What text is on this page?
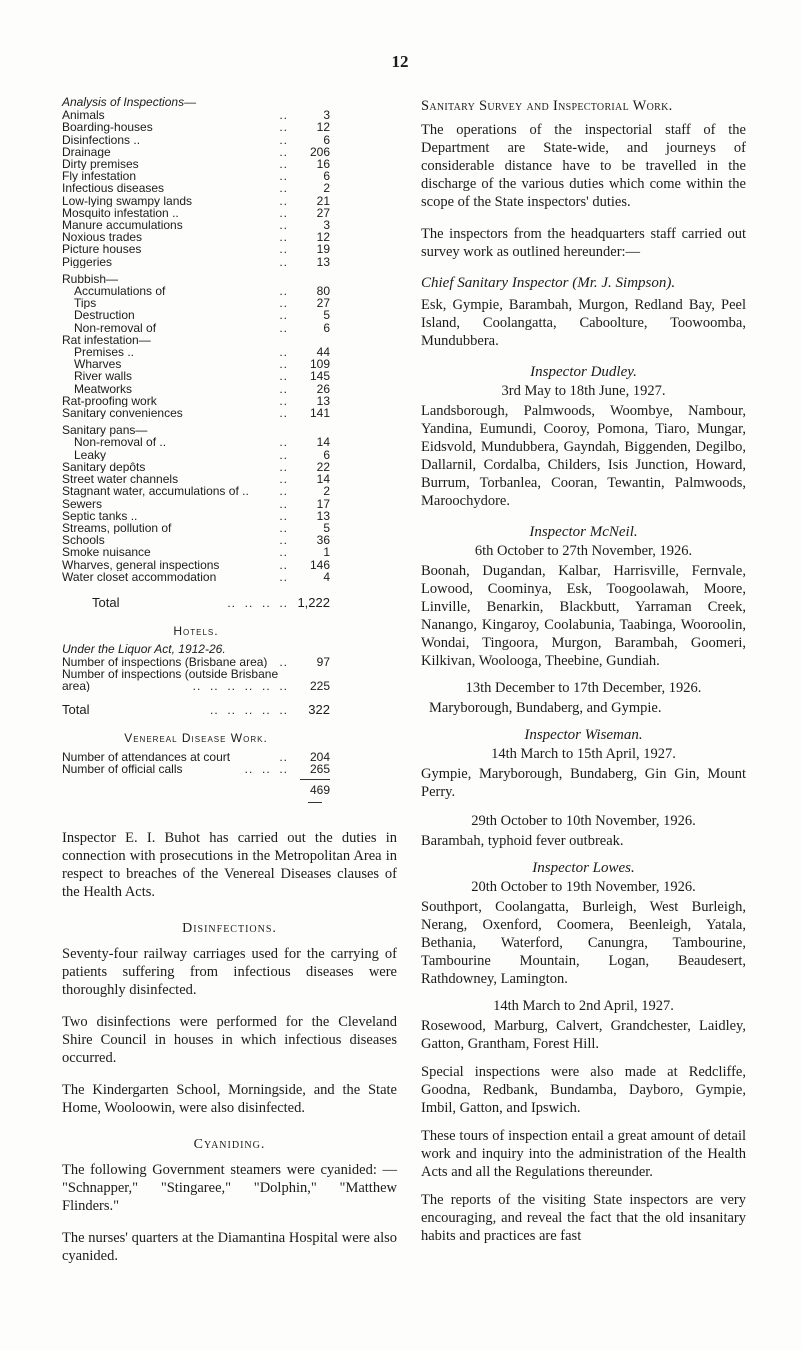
12
Analysis of Inspections—
Animals	..	3
Boarding-houses	..	12
Disinfections ..	..	6
Drainage	..	206
Dirty premises	..	16
Fly infestation	..	6
Infectious diseases	..	2
Low-lying swampy lands	..	21
Mosquito infestation ..	..	27
Manure accumulations	..	3
Noxious trades	..	12
Picture houses	..	19
Piggeries	..	13
Rubbish—
Accumulations of	..	80
Tips	..	27
Destruction	..	5
Non-removal of	..	6
Rat infestation—
Premises ..	..	44
Wharves	..	109
River walls	..	145
Meatworks	..	26
Rat-proofing work	..	13
Sanitary conveniences	..	141
Sanitary pans—
Non-removal of ..	..	14
Leaky	..	6
Sanitary depôts	..	22
Street water channels	..	14
Stagnant water, accumulations of ..	..	2
Sewers	..	17
Septic tanks ..	..	13
Streams, pollution of	..	5
Schools	..	36
Smoke nuisance	..	1
Wharves, general inspections	..	146
Water closet accommodation	..	4
Total	..  ..  ..  .. 1,222
Hotels.
Under the Liquor Act, 1912-26.
Number of inspections (Brisbane area) ..	97
Number of inspections (outside Brisbane
area)	..  ..  ..  ..  ..  ..	225
Total	..  ..  ..  ..  ..	322
Venereal Disease Work.
Number of attendances at court	..	204
Number of official calls	..  ..  ..	265
469

Inspector E. I. Buhot has carried out the duties in connection with prosecutions in the Metropolitan Area in respect to breaches of the Venereal Diseases clauses of the Health Acts.

Disinfections.

Seventy-four railway carriages used for the carrying of patients suffering from infectious diseases were thoroughly disinfected.

Two disinfections were performed for the Cleveland Shire Council in houses in which infectious diseases occurred.

The Kindergarten School, Morningside, and the State Home, Wooloowin, were also disinfected.

Cyaniding.

The following Government steamers were cyanided: — "Schnapper," "Stingaree," "Dolphin," "Matthew Flinders."

The nurses' quarters at the Diamantina Hospital were also cyanided.

Sanitary Survey and Inspectorial Work.

The operations of the inspectorial staff of the Department are State-wide, and journeys of considerable distance have to be travelled in the discharge of the various duties which come within the scope of the State inspectors' duties.

The inspectors from the headquarters staff carried out survey work as outlined hereunder:—

Chief Sanitary Inspector (Mr. J. Simpson).

Esk, Gympie, Barambah, Murgon, Redland Bay, Peel Island, Coolangatta, Caboolture, Toowoomba, Mundubbera.

Inspector Dudley.
3rd May to 18th June, 1927.

Landsborough, Palmwoods, Woombye, Nambour, Yandina, Eumundi, Cooroy, Pomona, Tiaro, Mungar, Eidsvold, Mundubbera, Gayndah, Biggenden, Degilbo, Dallarnil, Cordalba, Childers, Isis Junction, Howard, Burrum, Torbanlea, Cooran, Tewantin, Palmwoods, Maroochydore.

Inspector McNeil.
6th October to 27th November, 1926.

Boonah, Dugandan, Kalbar, Harrisville, Fernvale, Lowood, Coominya, Esk, Toogoolawah, Moore, Linville, Benarkin, Blackbutt, Yarraman Creek, Nanango, Kingaroy, Coolabunia, Taabinga, Wooroolin, Wondai, Tingoora, Murgon, Barambah, Goomeri, Kilkivan, Woolooga, Theebine, Gundiah.

13th December to 17th December, 1926.

Maryborough, Bundaberg, and Gympie.

Inspector Wiseman.
14th March to 15th April, 1927.

Gympie, Maryborough, Bundaberg, Gin Gin, Mount Perry.

29th October to 10th November, 1926.

Barambah, typhoid fever outbreak.

Inspector Lowes.
20th October to 19th November, 1926.

Southport, Coolangatta, Burleigh, West Burleigh, Nerang, Oxenford, Coomera, Beenleigh, Yatala, Bethania, Waterford, Canungra, Tambourine, Tambourine Mountain, Logan, Beaudesert, Rathdowney, Lamington.

14th March to 2nd April, 1927.

Rosewood, Marburg, Calvert, Grandchester, Laidley, Gatton, Grantham, Forest Hill.

Special inspections were also made at Redcliffe, Goodna, Redbank, Bundamba, Dayboro, Gympie, Imbil, Gatton, and Ipswich.

These tours of inspection entail a great amount of detail work and inquiry into the administration of the Health Acts and all the Regulations thereunder.

The reports of the visiting State inspectors are very encouraging, and reveal the fact that the old insanitary habits and practices are fast
